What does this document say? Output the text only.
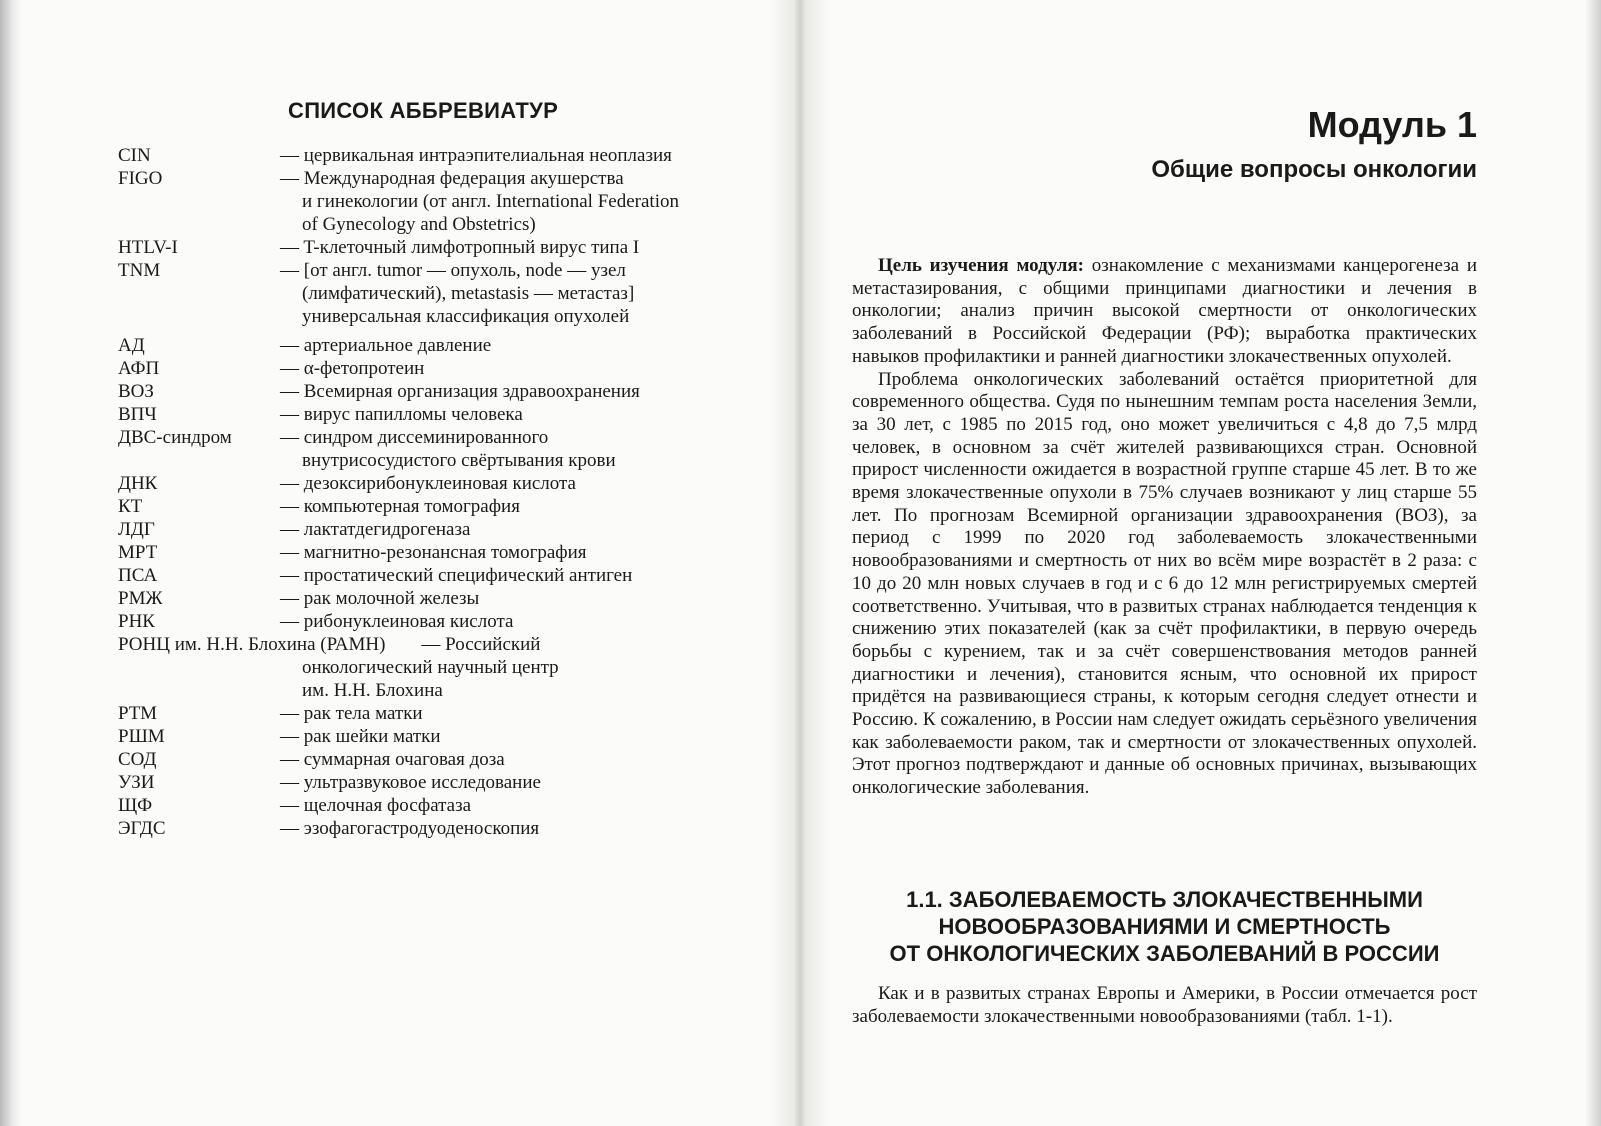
СПИСОК АББРЕВИАТУР
CIN	— цервикальная интраэпителиальная неоплазия
FIGO	— Международная федерация акушерства
и гинекологии (от англ. International Federation
of Gynecology and Obstetrics)
HTLV-I	— T-клеточный лимфотропный вирус типа I
TNM	— [от англ. tumor — опухоль, node — узел
(лимфатический), metastasis — метастаз]
универсальная классификация опухолей
АД	— артериальное давление
АФП	— α-фетопротеин
ВОЗ	— Всемирная организация здравоохранения
ВПЧ	— вирус папилломы человека
ДВС-синдром	— синдром диссеминированного
внутрисосудистого свёртывания крови
ДНК	— дезоксирибонуклеиновая кислота
КТ	— компьютерная томография
ЛДГ	— лактатдегидрогеназа
МРТ	— магнитно-резонансная томография
ПСА	— простатический специфический антиген
РМЖ	— рак молочной железы
РНК	— рибонуклеиновая кислота
РОНЦ им. Н.Н. Блохина (РАМН)	— Российский
онкологический научный центр
им. Н.Н. Блохина
РТМ	— рак тела матки
РШМ	— рак шейки матки
СОД	— суммарная очаговая доза
УЗИ	— ультразвуковое исследование
ЩФ	— щелочная фосфатаза
ЭГДС	— эзофагогастродуоденоскопия
Модуль 1
Общие вопросы онкологии

Цель изучения модуля: ознакомление с механизмами канцерогенеза и метастазирования, с общими принципами диагностики и лечения в онкологии; анализ причин высокой смертности от онкологических заболеваний в Российской Федерации (РФ); выработка практических навыков профилактики и ранней диагностики злокачественных опухолей.

Проблема онкологических заболеваний остаётся приоритетной для современного общества. Судя по нынешним темпам роста населения Земли, за 30 лет, с 1985 по 2015 год, оно может увеличиться с 4,8 до 7,5 млрд человек, в основном за счёт жителей развивающихся стран. Основной прирост численности ожидается в возрастной группе старше 45 лет. В то же время злокачественные опухоли в 75% случаев возникают у лиц старше 55 лет. По прогнозам Всемирной организации здравоохранения (ВОЗ), за период с 1999 по 2020 год заболеваемость злокачественными новообразованиями и смертность от них во всём мире возрастёт в 2 раза: с 10 до 20 млн новых случаев в год и с 6 до 12 млн регистрируемых смертей соответственно. Учитывая, что в развитых странах наблюдается тенденция к снижению этих показателей (как за счёт профилактики, в первую очередь борьбы с курением, так и за счёт совершенствования методов ранней диагностики и лечения), становится ясным, что основной их прирост придётся на развивающиеся страны, к которым сегодня следует отнести и Россию. К сожалению, в России нам следует ожидать серьёзного увеличения как заболеваемости раком, так и смертности от злокачественных опухолей. Этот прогноз подтверждают и данные об основных причинах, вызывающих онкологические заболевания.

1.1. ЗАБОЛЕВАЕМОСТЬ ЗЛОКАЧЕСТВЕННЫМИ
НОВООБРАЗОВАНИЯМИ И СМЕРТНОСТЬ
ОТ ОНКОЛОГИЧЕСКИХ ЗАБОЛЕВАНИЙ В РОССИИ

Как и в развитых странах Европы и Америки, в России отмечается рост заболеваемости злокачественными новообразованиями (табл. 1-1).
